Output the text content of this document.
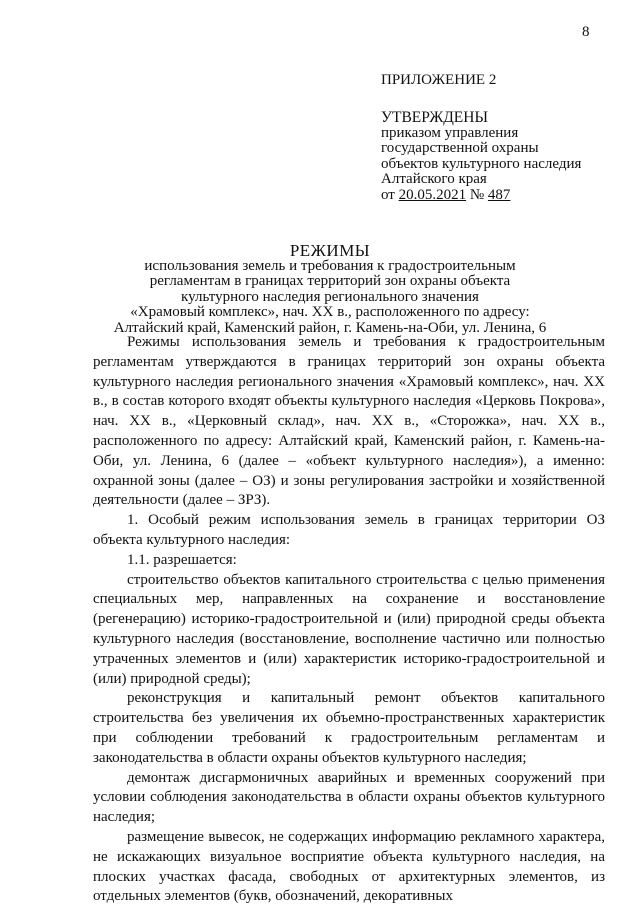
8
ПРИЛОЖЕНИЕ 2
УТВЕРЖДЕНЫ
приказом управления
государственной охраны
объектов культурного наследия
Алтайского края
от 20.05.2021 № 487
РЕЖИМЫ
использования земель и требования к градостроительным
регламентам в границах территорий зон охраны объекта
культурного наследия регионального значения
«Храмовый комплекс», нач. XX в., расположенного по адресу:
Алтайский край, Каменский район, г. Камень-на-Оби, ул. Ленина, 6

Режимы использования земель и требования к градостроительным регламентам утверждаются в границах территорий зон охраны объекта культурного наследия регионального значения «Храмовый комплекс», нач. XX в., в состав которого входят объекты культурного наследия «Церковь Покрова», нач. XX в., «Церковный склад», нач. XX в., «Сторожка», нач. XX в., расположенного по адресу: Алтайский край, Каменский район, г. Камень-на-Оби, ул. Ленина, 6 (далее – «объект культурного наследия»), а именно: охранной зоны (далее – ОЗ) и зоны регулирования застройки и хозяйственной деятельности (далее – ЗРЗ).

1. Особый режим использования земель в границах территории ОЗ объекта культурного наследия:

1.1. разрешается:

строительство объектов капитального строительства с целью применения специальных мер, направленных на сохранение и восстановление (регенерацию) историко-градостроительной и (или) природной среды объекта культурного наследия (восстановление, восполнение частично или полностью утраченных элементов и (или) характеристик историко-градостроительной и (или) природной среды);

реконструкция и капитальный ремонт объектов капитального строительства без увеличения их объемно-пространственных характеристик при соблюдении требований к градостроительным регламентам и законодательства в области охраны объектов культурного наследия;

демонтаж дисгармоничных аварийных и временных сооружений при условии соблюдения законодательства в области охраны объектов культурного наследия;

размещение вывесок, не содержащих информацию рекламного характера, не искажающих визуальное восприятие объекта культурного наследия, на плоских участках фасада, свободных от архитектурных элементов, из отдельных элементов (букв, обозначений, декоративных
